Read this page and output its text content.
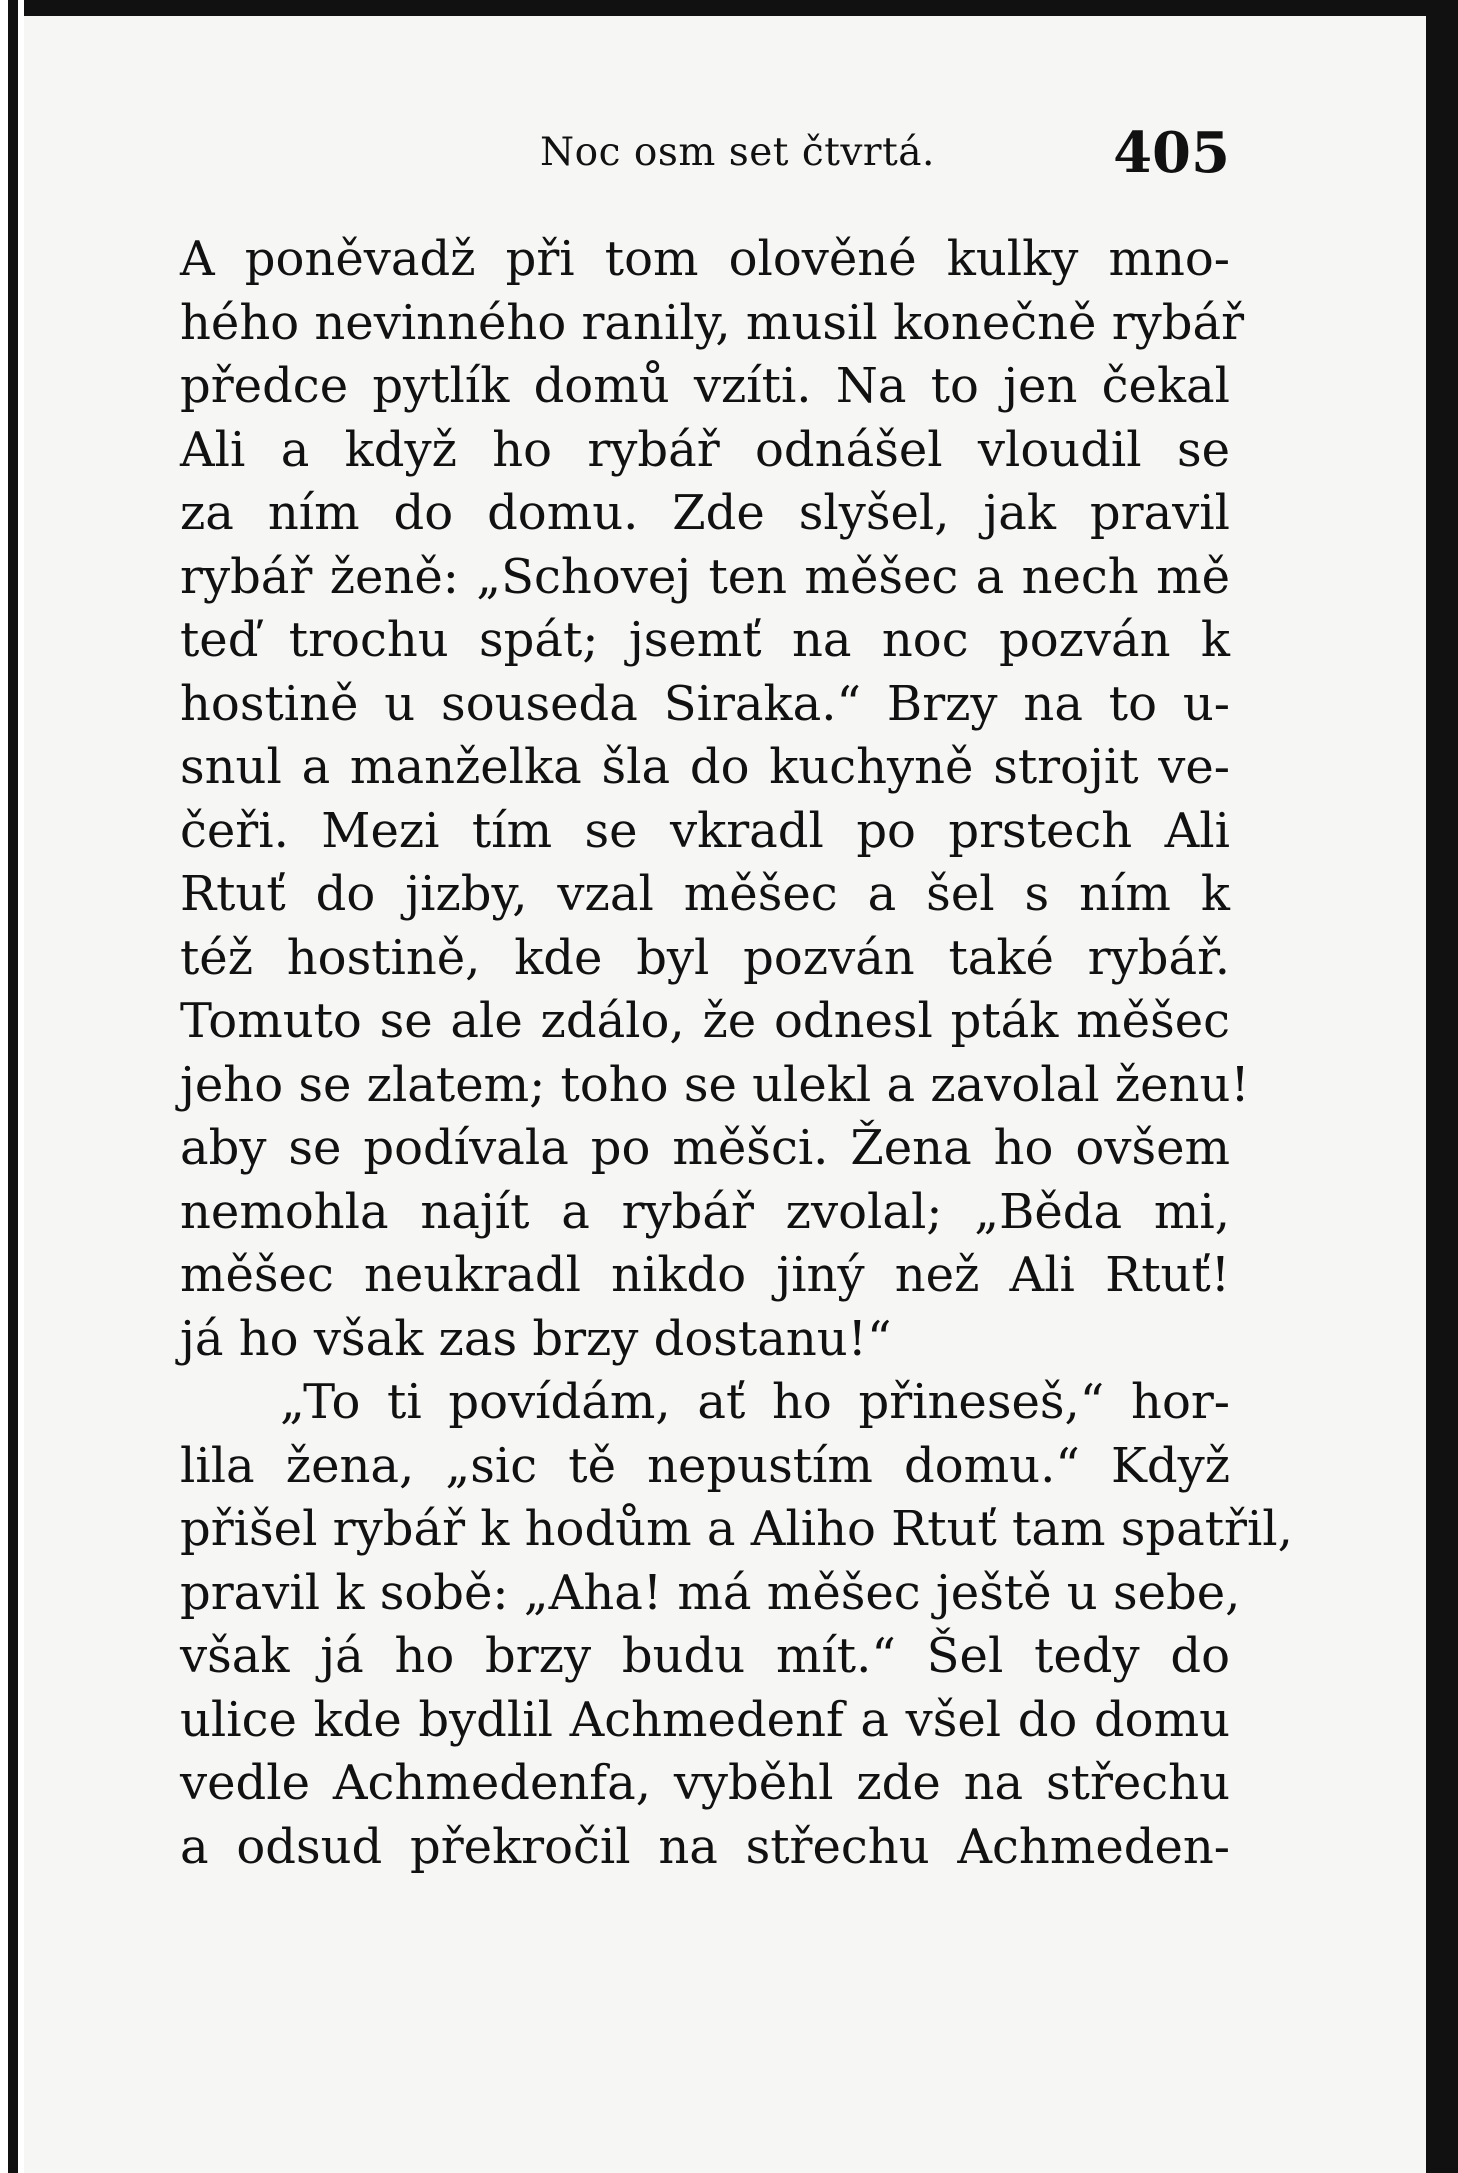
Noc osm set čtvrtá.	405
A poněvadž při tom olověné kulky mno-
hého nevinného ranily, musil konečně rybář
předce pytlík domů vzíti. Na to jen čekal
Ali a když ho rybář odnášel vloudil se
za ním do domu. Zde slyšel, jak pravil
rybář ženě: „Schovej ten měšec a nech mě
teď trochu spát; jsemť na noc pozván k
hostině u souseda Siraka.“ Brzy na to u-
snul a manželka šla do kuchyně strojit ve-
čeři. Mezi tím se vkradl po prstech Ali
Rtuť do jizby, vzal měšec a šel s ním k
též hostině, kde byl pozván také rybář.
Tomuto se ale zdálo, že odnesl pták měšec
jeho se zlatem; toho se ulekl a zavolal ženu!
aby se podívala po měšci. Žena ho ovšem
nemohla najít a rybář zvolal; „Běda mi,
měšec neukradl nikdo jiný než Ali Rtuť!
já ho však zas brzy dostanu!“
„To ti povídám, ať ho přineseš,“ hor-
lila žena, „sic tě nepustím domu.“ Když
přišel rybář k hodům a Aliho Rtuť tam spatřil,
pravil k sobě: „Aha! má měšec ještě u sebe,
však já ho brzy budu mít.“ Šel tedy do
ulice kde bydlil Achmedenf a všel do domu
vedle Achmedenfa, vyběhl zde na střechu
a odsud překročil na střechu Achmeden-
